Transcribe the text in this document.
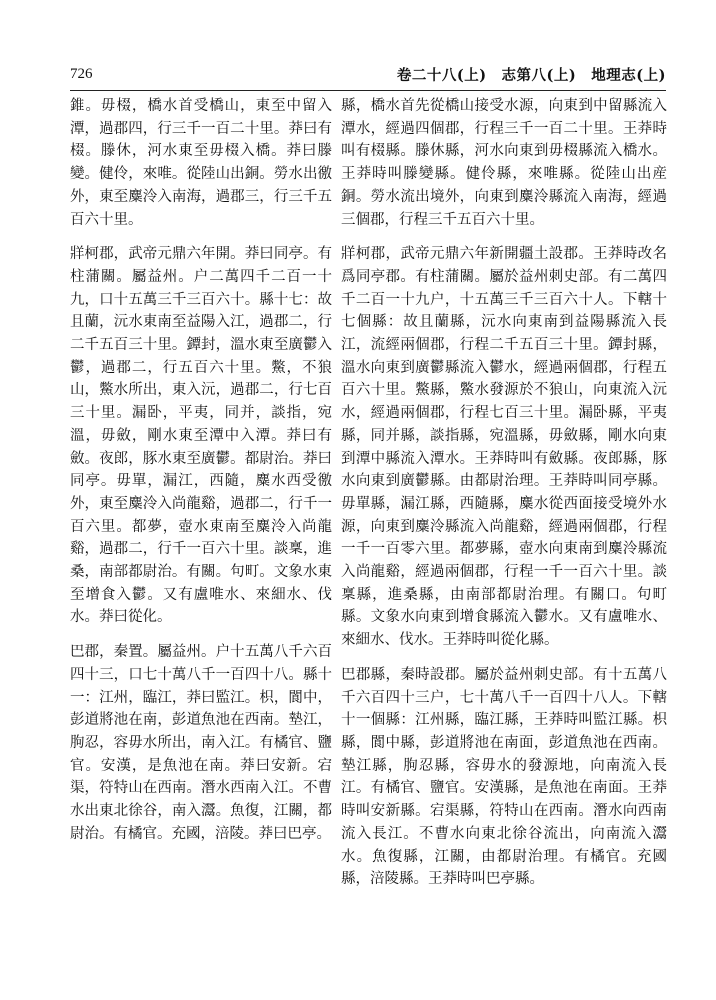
726	卷二十八(上)　志第八(上)　地理志(上)

錐。毋棳，橋水首受橋山，東至中留入潭，過郡四，行三千一百二十里。莽曰有棳。滕休，河水東至毋棳入橋。莽曰滕變。健伶，來唯。從陸山出銅。勞水出徼外，東至麋泠入南海，過郡三，行三千五百六十里。

牂柯郡，武帝元鼎六年開。莽曰同亭。有柱蒲關。屬益州。户二萬四千二百一十九，口十五萬三千三百六十。縣十七：故且蘭，沅水東南至益陽入江，過郡二，行二千五百三十里。鐔封，溫水東至廣鬱入鬱，過郡二，行五百六十里。鱉，不狼山，鱉水所出，東入沅，過郡二，行七百三十里。漏卧，平夷，同并，談指，宛溫，毋斂，剛水東至潭中入潭。莽曰有斂。夜郎，豚水東至廣鬱。都尉治。莽曰同亭。毋單，漏江，西隨，麋水西受徼外，東至麋泠入尚龍谿，過郡二，行千一百六里。都夢，壺水東南至麋泠入尚龍谿，過郡二，行千一百六十里。談稟，進桑，南部都尉治。有關。句町。文象水東至增食入鬱。又有盧唯水、來細水、伐水。莽曰從化。

巴郡，秦置。屬益州。户十五萬八千六百四十三，口七十萬八千一百四十八。縣十一：江州，臨江，莽曰監江。枳，閬中，彭道將池在南，彭道魚池在西南。墊江，朐忍，容毋水所出，南入江。有橘官、鹽官。安漢，是魚池在南。莽曰安新。宕渠，符特山在西南。潛水西南入江。不曹水出東北徐谷，南入灊。魚復，江關，都尉治。有橘官。充國，涪陵。莽曰巴亭。

縣，橋水首先從橋山接受水源，向東到中留縣流入潭水，經過四個郡，行程三千一百二十里。王莽時叫有棳縣。滕休縣，河水向東到毋棳縣流入橋水。王莽時叫滕變縣。健伶縣，來唯縣。從陸山出産銅。勞水流出境外，向東到麋泠縣流入南海，經過三個郡，行程三千五百六十里。

牂柯郡，武帝元鼎六年新開疆土設郡。王莽時改名爲同亭郡。有柱蒲關。屬於益州刺史部。有二萬四千二百一十九户，十五萬三千三百六十人。下轄十七個縣：故且蘭縣，沅水向東南到益陽縣流入長江，流經兩個郡，行程二千五百三十里。鐔封縣，溫水向東到廣鬱縣流入鬱水，經過兩個郡，行程五百六十里。鱉縣，鱉水發源於不狼山，向東流入沅水，經過兩個郡，行程七百三十里。漏卧縣，平夷縣，同并縣，談指縣，宛溫縣，毋斂縣，剛水向東到潭中縣流入潭水。王莽時叫有斂縣。夜郎縣，豚水向東到廣鬱縣。由都尉治理。王莽時叫同亭縣。毋單縣，漏江縣，西隨縣，麋水從西面接受境外水源，向東到麋泠縣流入尚龍谿，經過兩個郡，行程一千一百零六里。都夢縣，壺水向東南到麋泠縣流入尚龍谿，經過兩個郡，行程一千一百六十里。談稟縣，進桑縣，由南部都尉治理。有關口。句町縣。文象水向東到增食縣流入鬱水。又有盧唯水、來細水、伐水。王莽時叫從化縣。

巴郡縣，秦時設郡。屬於益州刺史部。有十五萬八千六百四十三户，七十萬八千一百四十八人。下轄十一個縣：江州縣，臨江縣，王莽時叫監江縣。枳縣，閬中縣，彭道將池在南面，彭道魚池在西南。墊江縣，朐忍縣，容毋水的發源地，向南流入長江。有橘官、鹽官。安漢縣，是魚池在南面。王莽時叫安新縣。宕渠縣，符特山在西南。潛水向西南流入長江。不曹水向東北徐谷流出，向南流入灊水。魚復縣，江關，由都尉治理。有橘官。充國縣，涪陵縣。王莽時叫巴亭縣。
